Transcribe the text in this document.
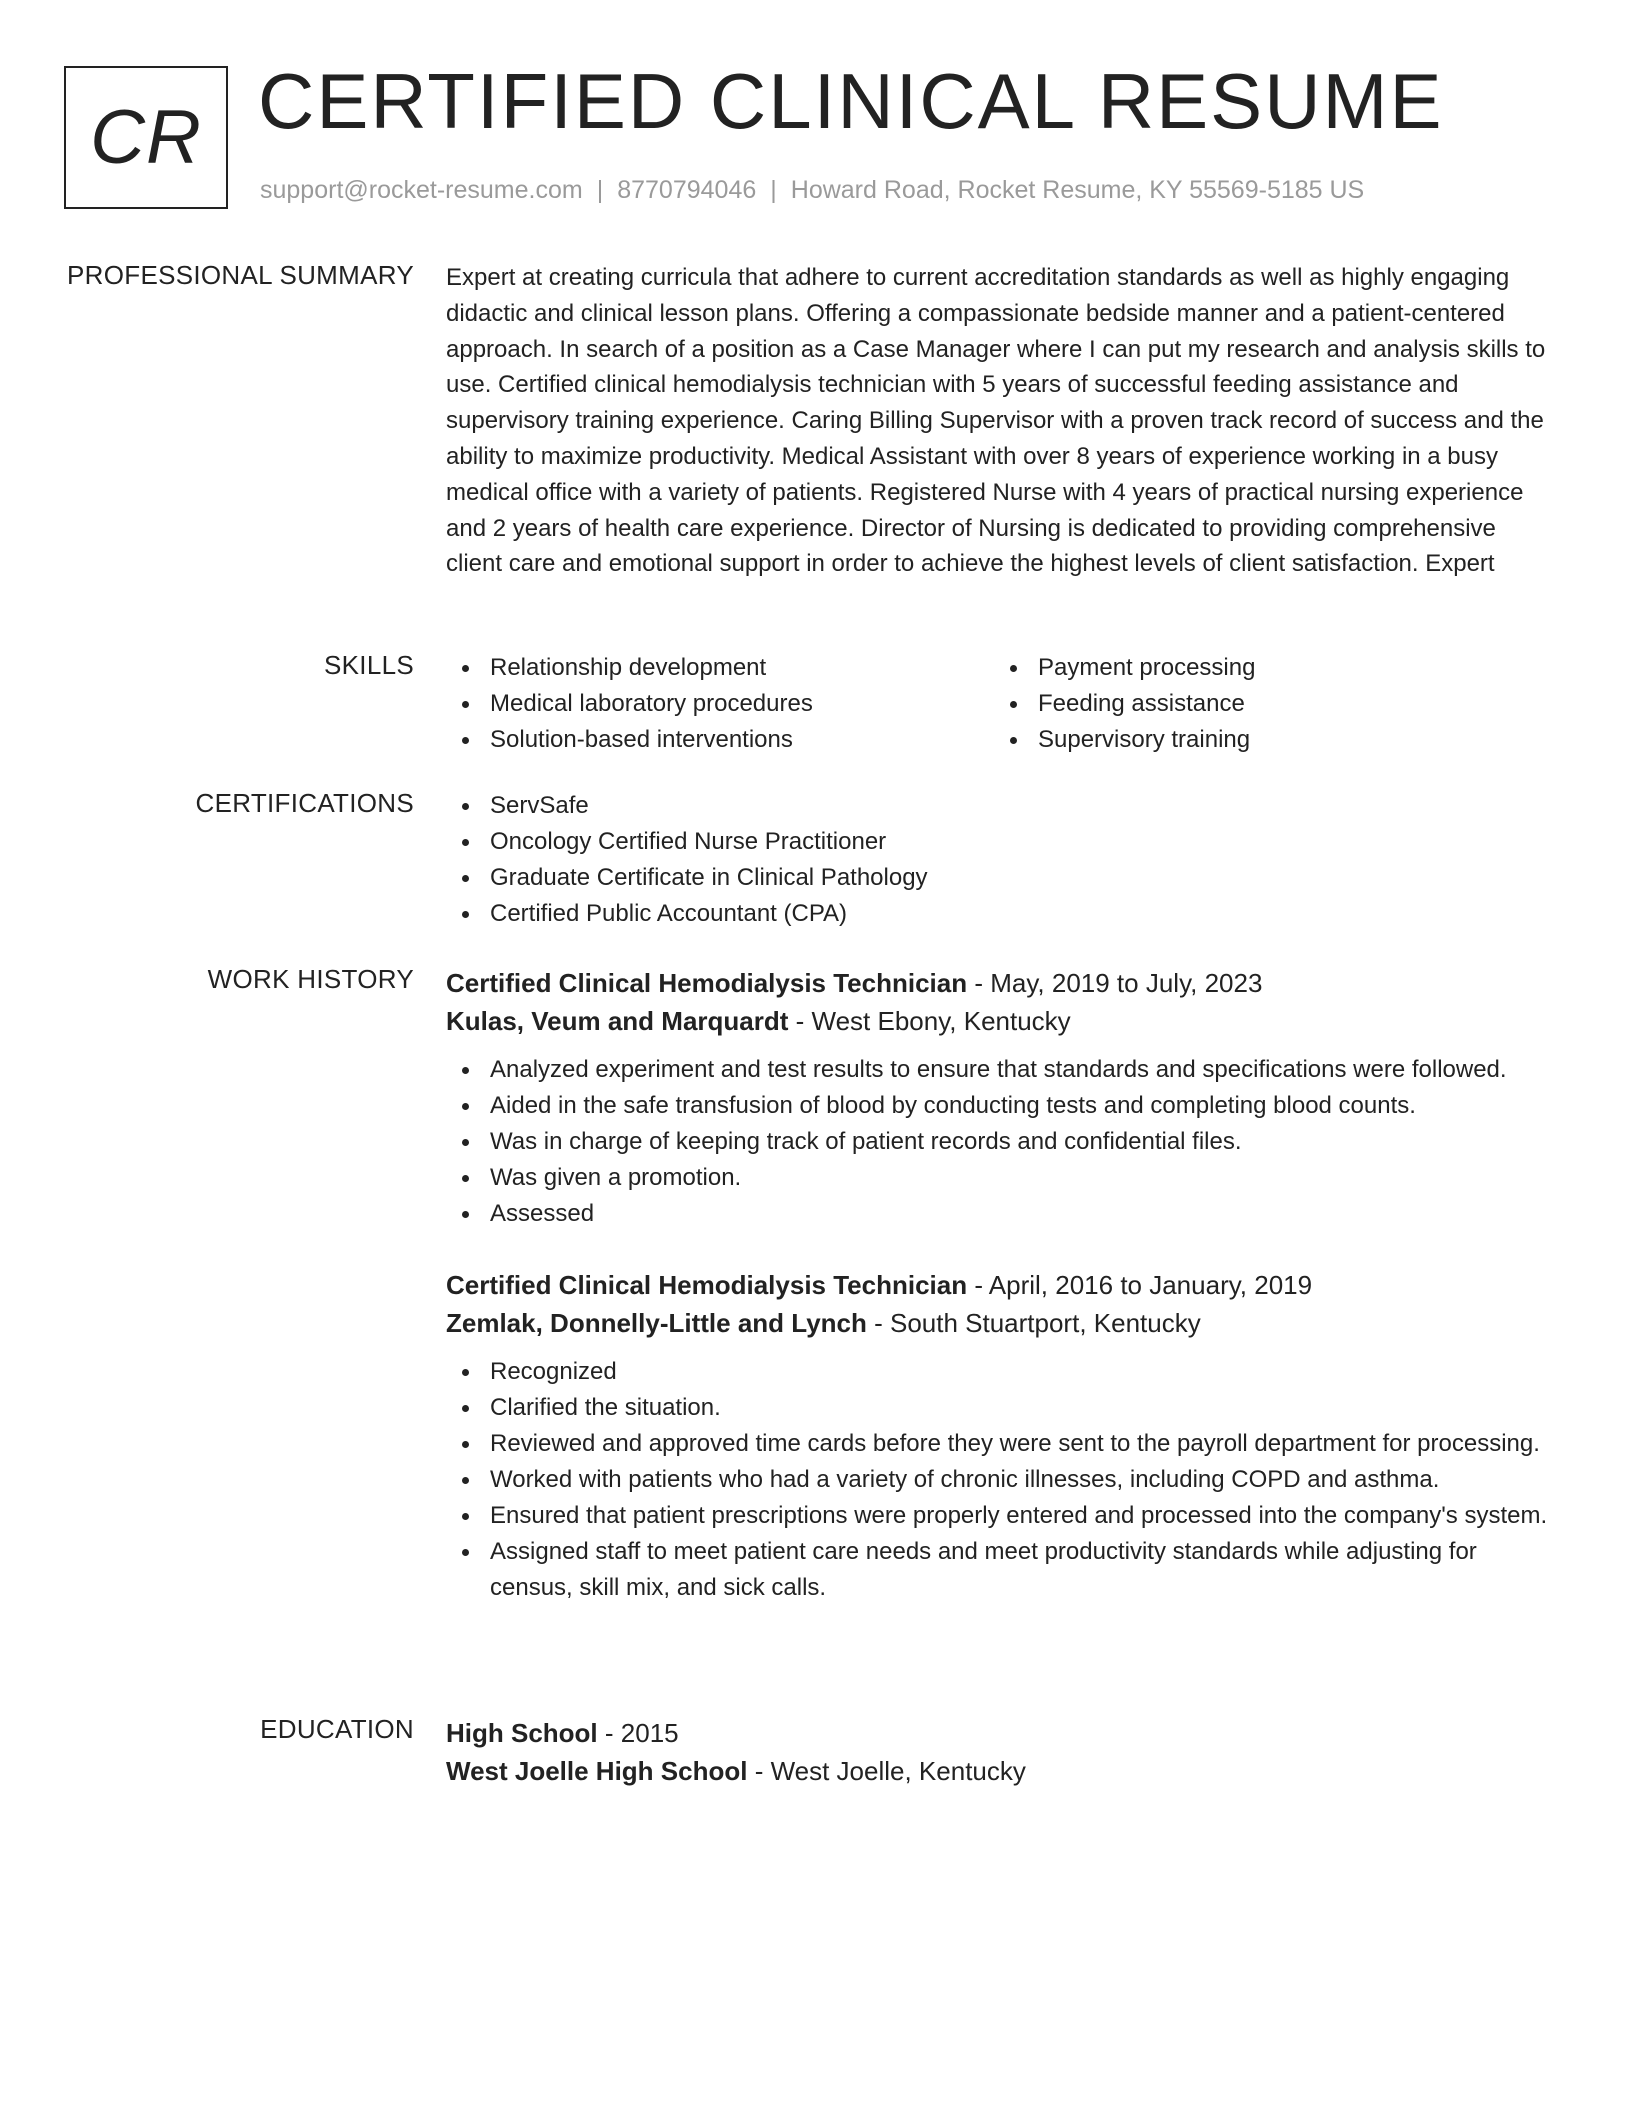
CR CERTIFIED CLINICAL RESUME
support@rocket-resume.com | 8770794046 | Howard Road, Rocket Resume, KY 55569-5185 US
PROFESSIONAL SUMMARY Expert at creating curricula that adhere to current accreditation standards as well as highly engaging didactic and clinical lesson plans. Offering a compassionate bedside manner and a patient-centered approach. In search of a position as a Case Manager where I can put my research and analysis skills to use. Certified clinical hemodialysis technician with 5 years of successful feeding assistance and supervisory training experience. Caring Billing Supervisor with a proven track record of success and the ability to maximize productivity. Medical Assistant with over 8 years of experience working in a busy medical office with a variety of patients. Registered Nurse with 4 years of practical nursing experience and 2 years of health care experience. Director of Nursing is dedicated to providing comprehensive client care and emotional support in order to achieve the highest levels of client satisfaction. Expert
SKILLS	Relationship development
Medical laboratory procedures
Solution-based interventions
Payment processing
Feeding assistance
Supervisory training
CERTIFICATIONS	ServSafe
Oncology Certified Nurse Practitioner
Graduate Certificate in Clinical Pathology
Certified Public Accountant (CPA)
WORK HISTORY Certified Clinical Hemodialysis Technician - May, 2019 to July, 2023
Kulas, Veum and Marquardt - West Ebony, Kentucky
Analyzed experiment and test results to ensure that standards and specifications were followed.
Aided in the safe transfusion of blood by conducting tests and completing blood counts.
Was in charge of keeping track of patient records and confidential files.
Was given a promotion.
Assessed
Certified Clinical Hemodialysis Technician - April, 2016 to January, 2019
Zemlak, Donnelly-Little and Lynch - South Stuartport, Kentucky
Recognized
Clarified the situation.
Reviewed and approved time cards before they were sent to the payroll department for processing.
Worked with patients who had a variety of chronic illnesses, including COPD and asthma.
Ensured that patient prescriptions were properly entered and processed into the company's system.
Assigned staff to meet patient care needs and meet productivity standards while adjusting for census, skill mix, and sick calls.
EDUCATION High School - 2015
West Joelle High School - West Joelle, Kentucky
